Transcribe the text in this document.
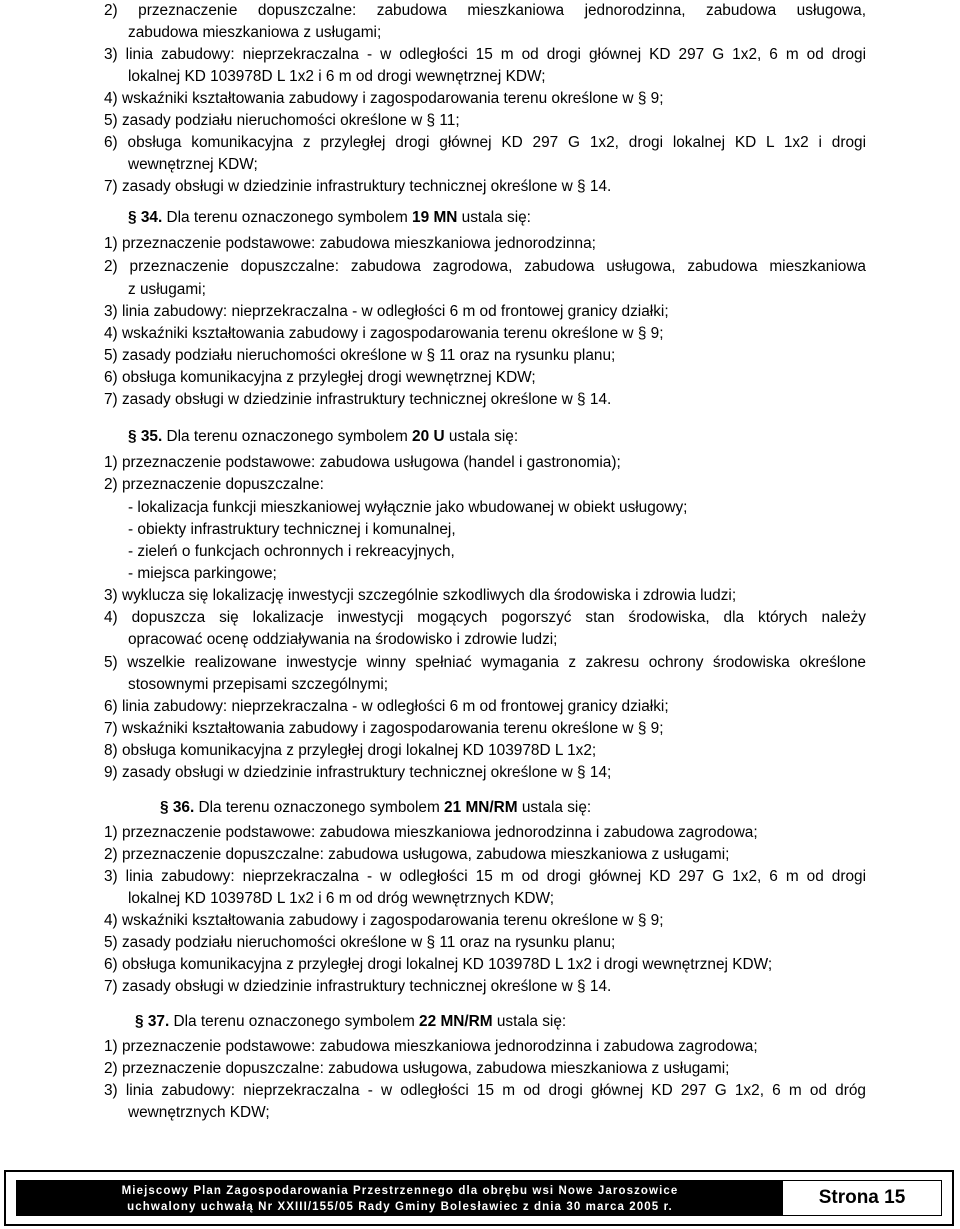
2) przeznaczenie dopuszczalne: zabudowa mieszkaniowa jednorodzinna, zabudowa usługowa,
zabudowa mieszkaniowa z usługami;
3) linia zabudowy: nieprzekraczalna - w odległości 15 m od drogi głównej KD 297 G 1x2, 6 m od drogi
lokalnej KD 103978D L 1x2 i 6 m od drogi wewnętrznej KDW;
4) wskaźniki kształtowania zabudowy i zagospodarowania terenu określone w § 9;
5) zasady podziału nieruchomości określone w § 11;
6) obsługa komunikacyjna z przyległej drogi głównej KD 297 G 1x2, drogi lokalnej KD L 1x2 i drogi
wewnętrznej KDW;
7) zasady obsługi w dziedzinie infrastruktury technicznej określone w § 14.
§ 34. Dla terenu oznaczonego symbolem 19 MN ustala się:
1) przeznaczenie podstawowe: zabudowa mieszkaniowa jednorodzinna;
2) przeznaczenie dopuszczalne: zabudowa zagrodowa, zabudowa usługowa, zabudowa mieszkaniowa
z usługami;
3) linia zabudowy: nieprzekraczalna - w odległości 6 m od frontowej granicy działki;
4) wskaźniki kształtowania zabudowy i zagospodarowania terenu określone w § 9;
5) zasady podziału nieruchomości określone w § 11 oraz na rysunku planu;
6) obsługa komunikacyjna z przyległej drogi wewnętrznej KDW;
7) zasady obsługi w dziedzinie infrastruktury technicznej określone w § 14.
§ 35. Dla terenu oznaczonego symbolem 20 U ustala się:
1) przeznaczenie podstawowe: zabudowa usługowa (handel i gastronomia);
2) przeznaczenie dopuszczalne:
- lokalizacja funkcji mieszkaniowej wyłącznie jako wbudowanej w obiekt usługowy;
- obiekty infrastruktury technicznej i komunalnej,
- zieleń o funkcjach ochronnych i rekreacyjnych,
- miejsca parkingowe;
3) wyklucza się lokalizację inwestycji szczególnie szkodliwych dla środowiska i zdrowia ludzi;
4) dopuszcza się lokalizacje inwestycji mogących pogorszyć stan środowiska, dla których należy
opracować ocenę oddziaływania na środowisko i zdrowie ludzi;
5) wszelkie realizowane inwestycje winny spełniać wymagania z zakresu ochrony środowiska określone
stosownymi przepisami szczególnymi;
6) linia zabudowy: nieprzekraczalna - w odległości 6 m od frontowej granicy działki;
7) wskaźniki kształtowania zabudowy i zagospodarowania terenu określone w § 9;
8) obsługa komunikacyjna z przyległej drogi lokalnej KD 103978D L 1x2;
9) zasady obsługi w dziedzinie infrastruktury technicznej określone w § 14;
§ 36. Dla terenu oznaczonego symbolem 21 MN/RM ustala się:
1) przeznaczenie podstawowe: zabudowa mieszkaniowa jednorodzinna i zabudowa zagrodowa;
2) przeznaczenie dopuszczalne: zabudowa usługowa, zabudowa mieszkaniowa z usługami;
3) linia zabudowy: nieprzekraczalna - w odległości 15 m od drogi głównej KD 297 G 1x2, 6 m od drogi
lokalnej KD 103978D L 1x2 i 6 m od dróg wewnętrznych KDW;
4) wskaźniki kształtowania zabudowy i zagospodarowania terenu określone w § 9;
5) zasady podziału nieruchomości określone w § 11 oraz na rysunku planu;
6) obsługa komunikacyjna z przyległej drogi lokalnej KD 103978D L 1x2 i drogi wewnętrznej KDW;
7) zasady obsługi w dziedzinie infrastruktury technicznej określone w § 14.
§ 37. Dla terenu oznaczonego symbolem 22 MN/RM ustala się:
1) przeznaczenie podstawowe: zabudowa mieszkaniowa jednorodzinna i zabudowa zagrodowa;
2) przeznaczenie dopuszczalne: zabudowa usługowa, zabudowa mieszkaniowa z usługami;
3) linia zabudowy: nieprzekraczalna - w odległości 15 m od drogi głównej KD 297 G 1x2, 6 m od dróg
wewnętrznych KDW;
Miejscowy Plan Zagospodarowania Przestrzennego dla obrębu wsi Nowe Jaroszowice
uchwalony uchwałą Nr XXIII/155/05 Rady Gminy Bolesławiec z dnia 30 marca 2005 r.	Strona 15
